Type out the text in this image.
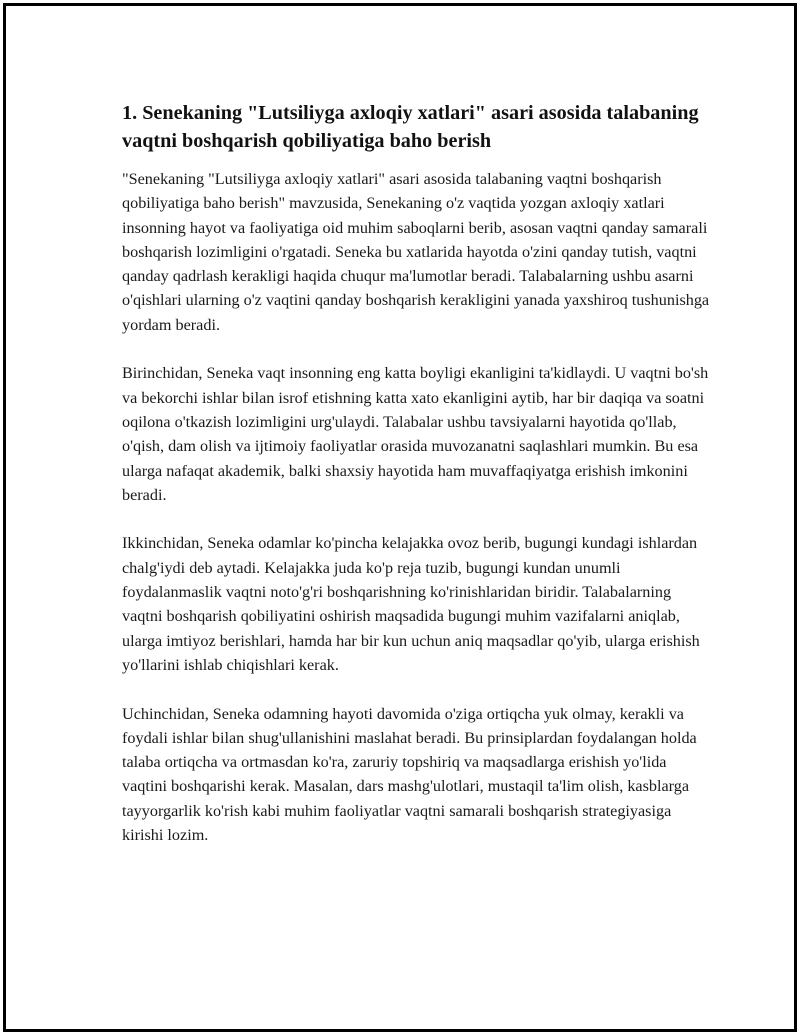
1. Senekaning "Lutsiliyga axloqiy xatlari" asari asosida talabaning vaqtni boshqarish qobiliyatiga baho berish

"Senekaning "Lutsiliyga axloqiy xatlari" asari asosida talabaning vaqtni boshqarish qobiliyatiga baho berish" mavzusida, Senekaning o'z vaqtida yozgan axloqiy xatlari insonning hayot va faoliyatiga oid muhim saboqlarni berib, asosan vaqtni qanday samarali boshqarish lozimligini o'rgatadi. Seneka bu xatlarida hayotda o'zini qanday tutish, vaqtni qanday qadrlash kerakligi haqida chuqur ma'lumotlar beradi. Talabalarning ushbu asarni o'qishlari ularning o'z vaqtini qanday boshqarish kerakligini yanada yaxshiroq tushunishga yordam beradi.

Birinchidan, Seneka vaqt insonning eng katta boyligi ekanligini ta'kidlaydi. U vaqtni bo'sh va bekorchi ishlar bilan isrof etishning katta xato ekanligini aytib, har bir daqiqa va soatni oqilona o'tkazish lozimligini urg'ulaydi. Talabalar ushbu tavsiyalarni hayotida qo'llab, o'qish, dam olish va ijtimoiy faoliyatlar orasida muvozanatni saqlashlari mumkin. Bu esa ularga nafaqat akademik, balki shaxsiy hayotida ham muvaffaqiyatga erishish imkonini beradi.

Ikkinchidan, Seneka odamlar ko'pincha kelajakka ovoz berib, bugungi kundagi ishlardan chalg'iydi deb aytadi. Kelajakka juda ko'p reja tuzib, bugungi kundan unumli foydalanmaslik vaqtni noto'g'ri boshqarishning ko'rinishlaridan biridir. Talabalarning vaqtni boshqarish qobiliyatini oshirish maqsadida bugungi muhim vazifalarni aniqlab, ularga imtiyoz berishlari, hamda har bir kun uchun aniq maqsadlar qo'yib, ularga erishish yo'llarini ishlab chiqishlari kerak.

Uchinchidan, Seneka odamning hayoti davomida o'ziga ortiqcha yuk olmay, kerakli va foydali ishlar bilan shug'ullanishini maslahat beradi. Bu prinsiplardan foydalangan holda talaba ortiqcha va ortmasdan ko'ra, zaruriy topshiriq va maqsadlarga erishish yo'lida vaqtini boshqarishi kerak. Masalan, dars mashg'ulotlari, mustaqil ta'lim olish, kasblarga tayyorgarlik ko'rish kabi muhim faoliyatlar vaqtni samarali boshqarish strategiyasiga kirishi lozim.
